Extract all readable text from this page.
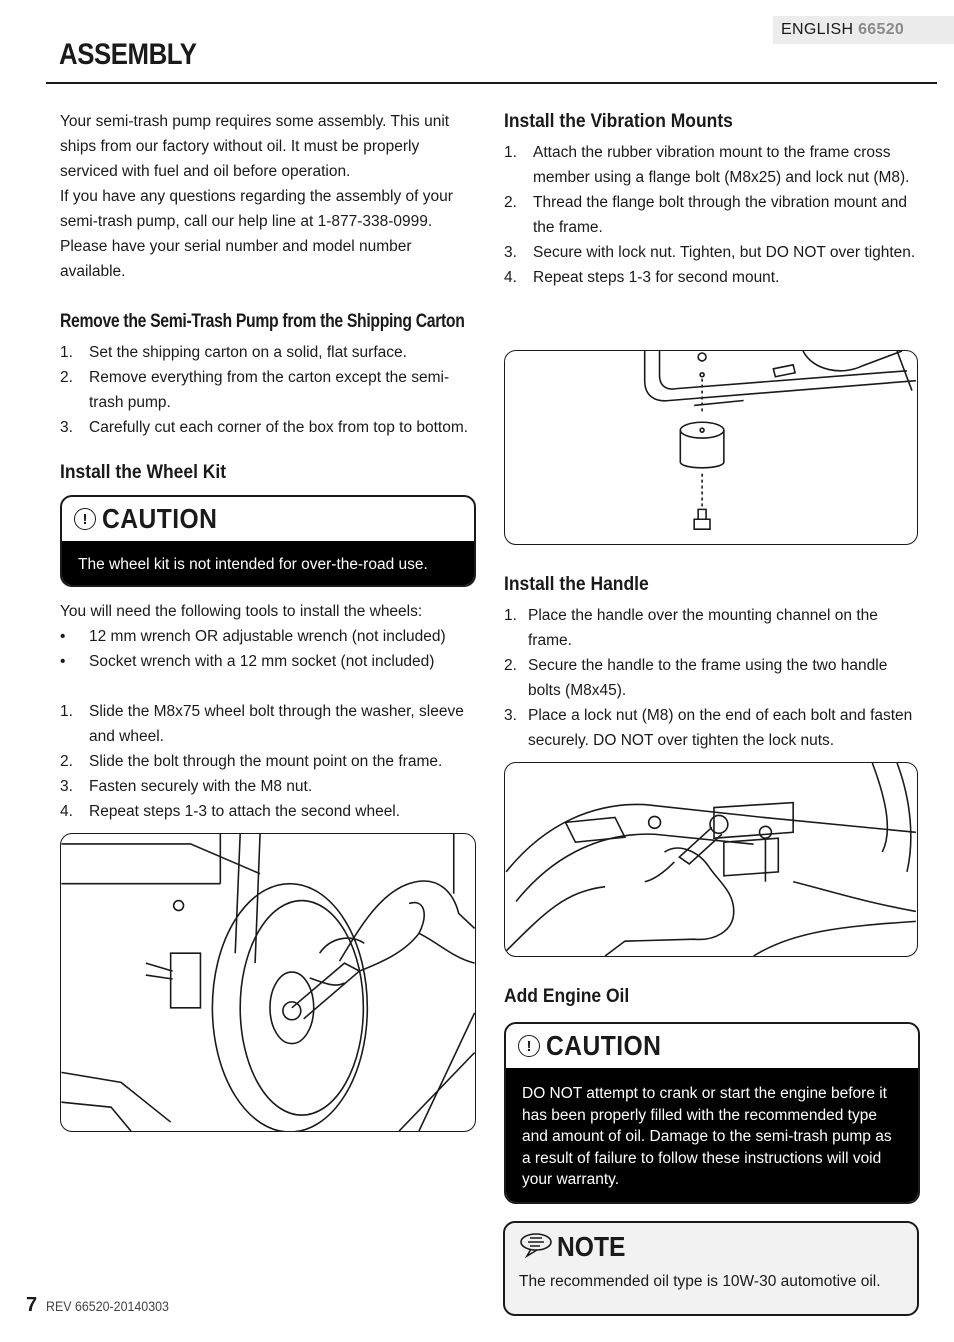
ENGLISH 66520
ASSEMBLY

Your semi-trash pump requires some assembly. This unit ships from our factory without oil. It must be properly serviced with fuel and oil before operation.

If you have any questions regarding the assembly of your semi-trash pump, call our help line at 1-877-338-0999. Please have your serial number and model number available.

Remove the Semi-Trash Pump from the Shipping Carton
1. Set the shipping carton on a solid, flat surface.
2. Remove everything from the carton except the semi-trash pump.
3. Carefully cut each corner of the box from top to bottom.
Install the Wheel Kit
! CAUTION
The wheel kit is not intended for over-the-road use.

You will need the following tools to install the wheels:

• 12 mm wrench OR adjustable wrench (not included)
• Socket wrench with a 12 mm socket (not included)
1. Slide the M8x75 wheel bolt through the washer, sleeve and wheel.
2. Slide the bolt through the mount point on the frame.
3. Fasten securely with the M8 nut.
4. Repeat steps 1-3 to attach the second wheel.
Install the Vibration Mounts
1. Attach the rubber vibration mount to the frame cross member using a flange bolt (M8x25) and lock nut (M8).
2. Thread the flange bolt through the vibration mount and the frame.
3. Secure with lock nut. Tighten, but DO NOT over tighten.
4. Repeat steps 1-3 for second mount.
Install the Handle
1. Place the handle over the mounting channel on the frame.
2. Secure the handle to the frame using the two handle bolts (M8x45).
3. Place a lock nut (M8) on the end of each bolt and fasten securely. DO NOT over tighten the lock nuts.
Add Engine Oil
! CAUTION
DO NOT attempt to crank or start the engine before it has been properly filled with the recommended type and amount of oil. Damage to the semi-trash pump as a result of failure to follow these instructions will void your warranty.
NOTE
The recommended oil type is 10W-30 automotive oil.
7 REV 66520-20140303
